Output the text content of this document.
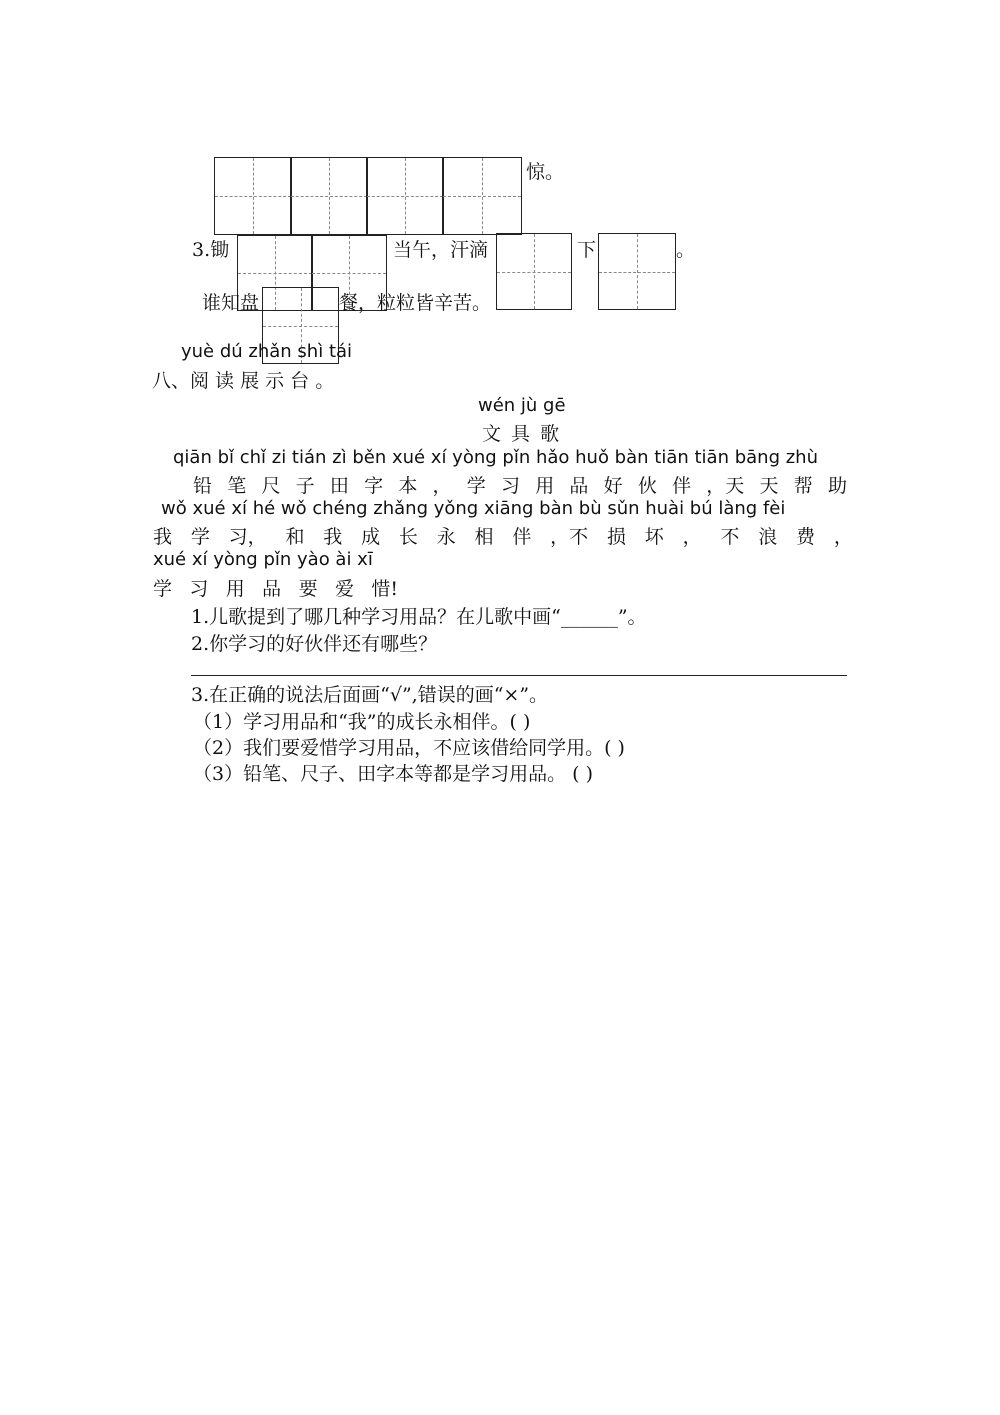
惊。
3.锄	当午，汗滴	下	。
谁知盘	餐，粒粒皆辛苦。
yuè dú zhǎn shì tái
八、阅 读 展 示 台 。
wén jù gē
文 具 歌
qiān bǐ chǐ zi tián zì běn xué xí yòng pǐn hǎo huǒ bàn tiān tiān bāng zhù
铅 笔 尺 子 田 字 本 ， 学 习 用 品 好 伙 伴 ，天 天 帮 助
wǒ xué xí hé wǒ chéng zhǎng yǒng xiāng bàn bù sǔn huài bú làng fèi
我 学 习， 和 我 成 长 永 相 伴 ，不 损 坏 ， 不 浪 费 ，
xué xí yòng pǐn yào ài xī
学 习 用 品 要 爱 惜!
1.儿歌提到了哪几种学习用品？在儿歌中画“______”。
2.你学习的好伙伴还有哪些？
3.在正确的说法后面画“√”,错误的画“×”。
（1）学习用品和“我”的成长永相伴。( )
（2）我们要爱惜学习用品，不应该借给同学用。( )
（3）铅笔、尺子、田字本等都是学习用品。 ( )
